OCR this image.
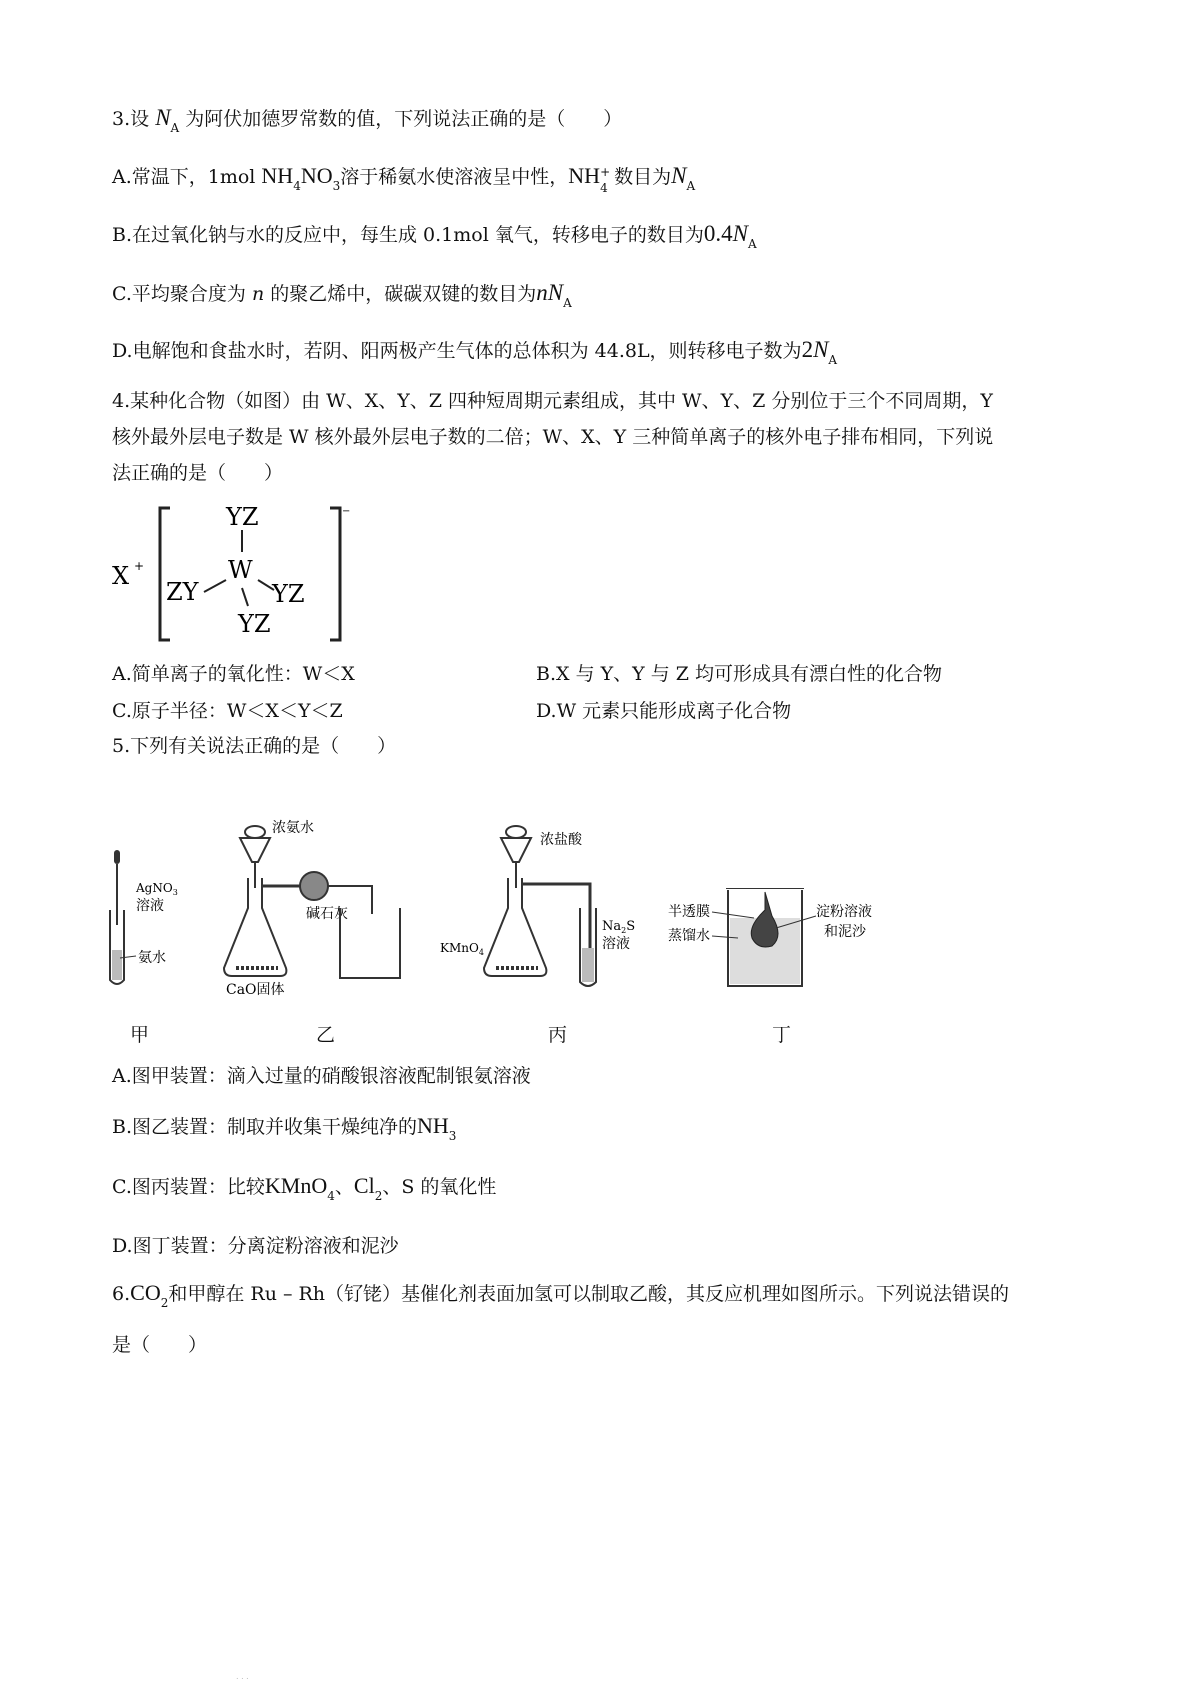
3.设 $N_A$ 为阿伏加德罗常数的值，下列说法正确的是（　　）
A.常温下，1mol $NH_4NO_3$溶于稀氨水使溶液呈中性，NH +
4 数目为$N_A$
B.在过氧化钠与水的反应中，每生成 0.1mol 氧气，转移电子的数目为$0.4N_A$
C.平均聚合度为 n 的聚乙烯中，碳碳双键的数目为$nN_A$
D.电解饱和食盐水时，若阴、阳两极产生气体的总体积为 44.8L，则转移电子数为$2N_A$
4.某种化合物（如图）由 W、X、Y、Z 四种短周期元素组成，其中 W、Y、Z 分别位于三个不同周期，Y
核外最外层电子数是 W 核外最外层电子数的二倍；W、X、Y 三种简单离子的核外电子排布相同，下列说
法正确的是（　　）
X +
−
YZ
W
ZY	YZ
YZ
A.简单离子的氧化性：W＜X	B.X 与 Y、Y 与 Z 均可形成具有漂白性的化合物
C.原子半径：W＜X＜Y＜Z	D.W 元素只能形成离子化合物
5.下列有关说法正确的是（　　）
AgNO$_3$
溶液
氨水
浓氨水
CaO固体
碱石灰
浓盐酸
KMnO$_4$
$Na_2S$
溶液
半透膜
蒸馏水
淀粉溶液
和泥沙
甲	乙	丙	丁
A.图甲装置：滴入过量的硝酸银溶液配制银氨溶液
B.图乙装置：制取并收集干燥纯净的$NH_3$
C.图丙装置：比较KMnO$_4$、$Cl_2$、S 的氧化性
D.图丁装置：分离淀粉溶液和泥沙
$6.CO_2$和甲醇在 Ru – Rh（钌铑）基催化剂表面加氢可以制取乙酸，其反应机理如图所示。下列说法错误的
是（　　）
. . .
